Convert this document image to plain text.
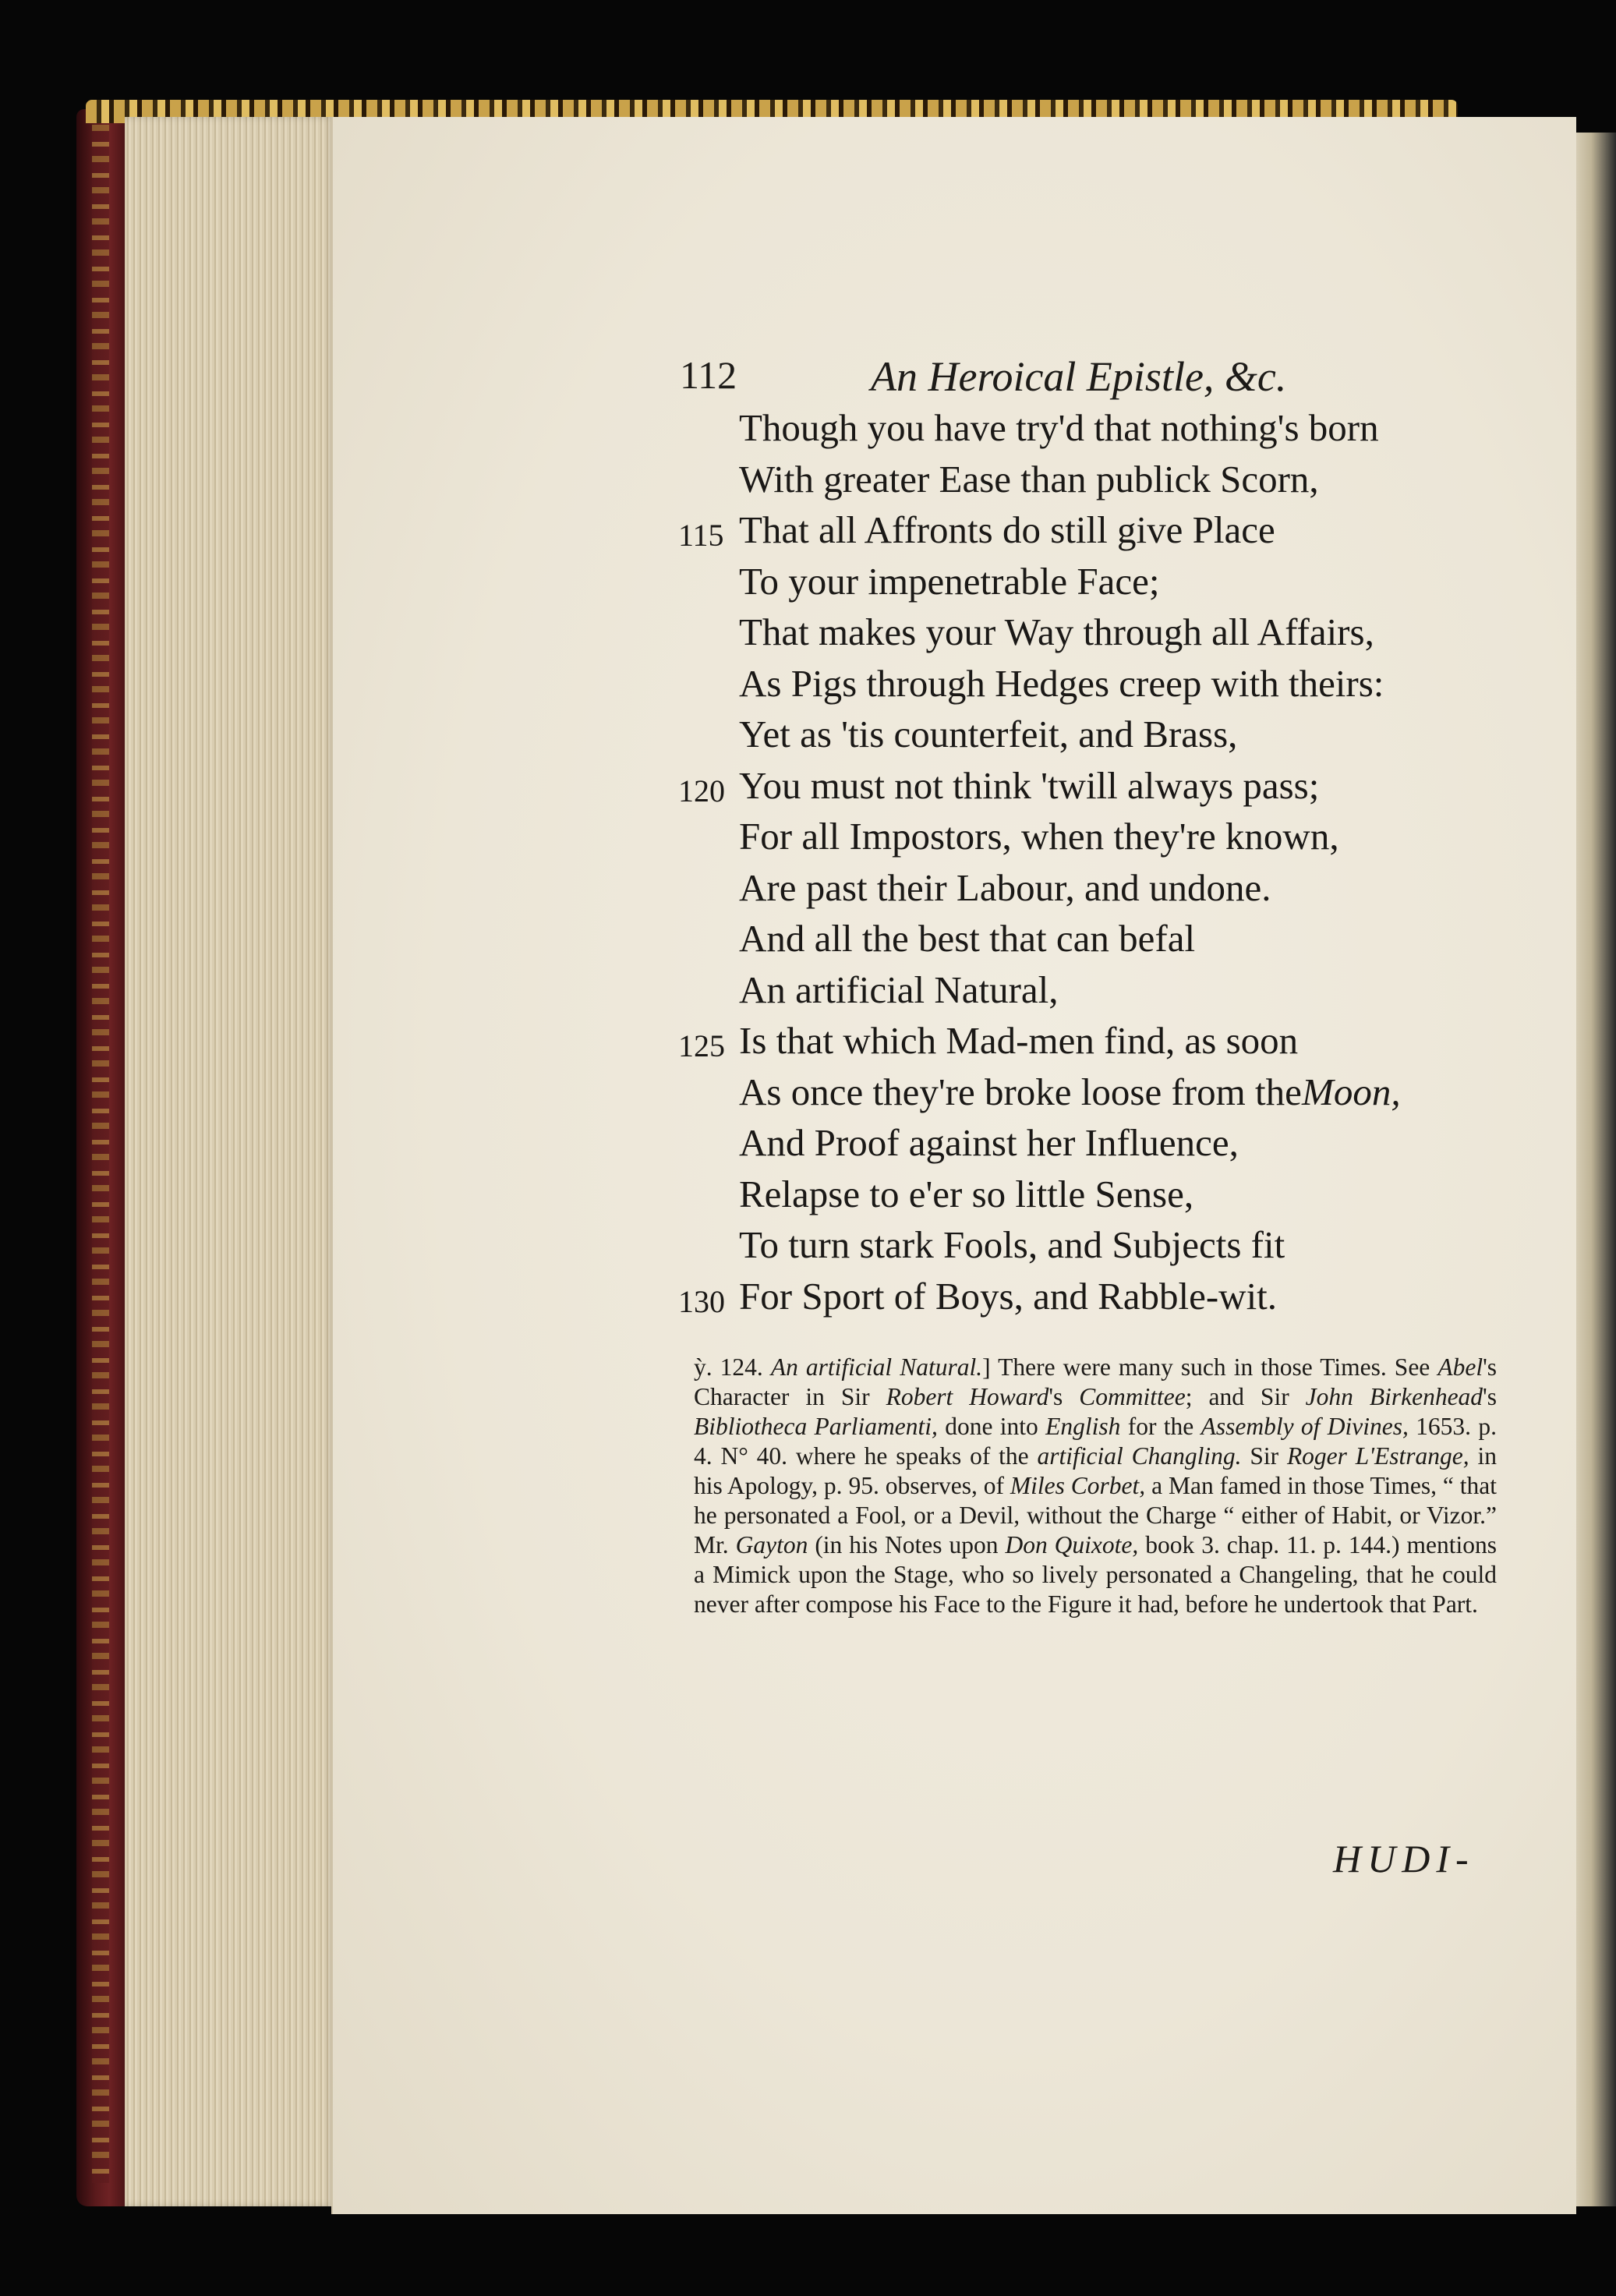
112	An Heroical Epistle, &c.
Though you have try'd that nothing's born
With greater Ease than publick Scorn,
115 That all Affronts do still give Place
To your impenetrable Face;
That makes your Way through all Affairs,
As Pigs through Hedges creep with theirs:
Yet as 'tis counterfeit, and Brass,
120 You must not think 'twill always pass;
For all Impostors, when they're known,
Are past their Labour, and undone.
And all the best that can befal
An artificial Natural,
125 Is that which Mad-men find, as soon
As once they're broke loose from the Moon,
And Proof against her Influence,
Relapse to e'er so little Sense,
To turn stark Fools, and Subjects fit
130 For Sport of Boys, and Rabble-wit.
ỳ. 124. An artificial Natural.] There were many such in those Times. See Abel's Character in Sir Robert Howard's Committee; and Sir John Birkenhead's Bibliotheca Parliamenti, done into English for the Assembly of Divines, 1653. p. 4. N° 40. where he speaks of the artificial Changling. Sir Roger L'Estrange, in his Apology, p. 95. observes, of Miles Corbet, a Man famed in those Times, “ that he personated a Fool, or a Devil, without the Charge “ either of Habit, or Vizor.” Mr. Gayton (in his Notes upon Don Quixote, book 3. chap. 11. p. 144.) mentions a Mimick upon the Stage, who so lively personated a Changeling, that he could never after compose his Face to the Figure it had, before he undertook that Part.
HUDI-
